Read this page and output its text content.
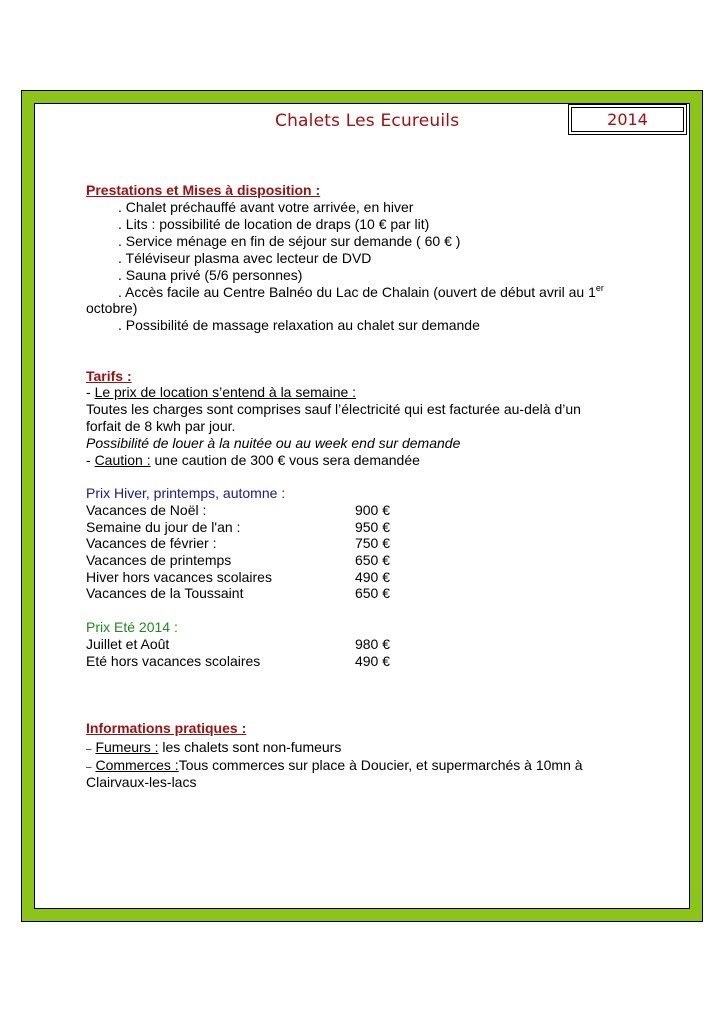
Chalets Les Ecureuils	2014
Prestations et Mises à disposition :
. Chalet préchauffé avant votre arrivée, en hiver
. Lits : possibilité de location de draps (10 € par lit)
. Service ménage en fin de séjour sur demande ( 60 € )
. Téléviseur plasma avec lecteur de DVD
. Sauna privé (5/6 personnes)
. Accès facile au Centre Balnéo du Lac de Chalain (ouvert de début avril au 1er
octobre)
. Possibilité de massage relaxation au chalet sur demande
Tarifs :
- Le prix de location s’entend à la semaine :
Toutes les charges sont comprises sauf l’électricité qui est facturée au-delà d’un
forfait de 8 kwh par jour.
Possibilité de louer à la nuitée ou au week end sur demande
- Caution : une caution de 300 € vous sera demandée
Prix Hiver, printemps, automne :
Vacances de Noël :	900 €
Semaine du jour de l'an :	950 €
Vacances de février :	750 €
Vacances de printemps	650 €
Hiver hors vacances scolaires	490 €
Vacances de la Toussaint	650 €
Prix Eté 2014 :
Juillet et Août	980 €
Eté hors vacances scolaires	490 €
Informations pratiques :
– Fumeurs : les chalets sont non-fumeurs
– Commerces :Tous commerces sur place à Doucier, et supermarchés à 10mn à
Clairvaux-les-lacs
